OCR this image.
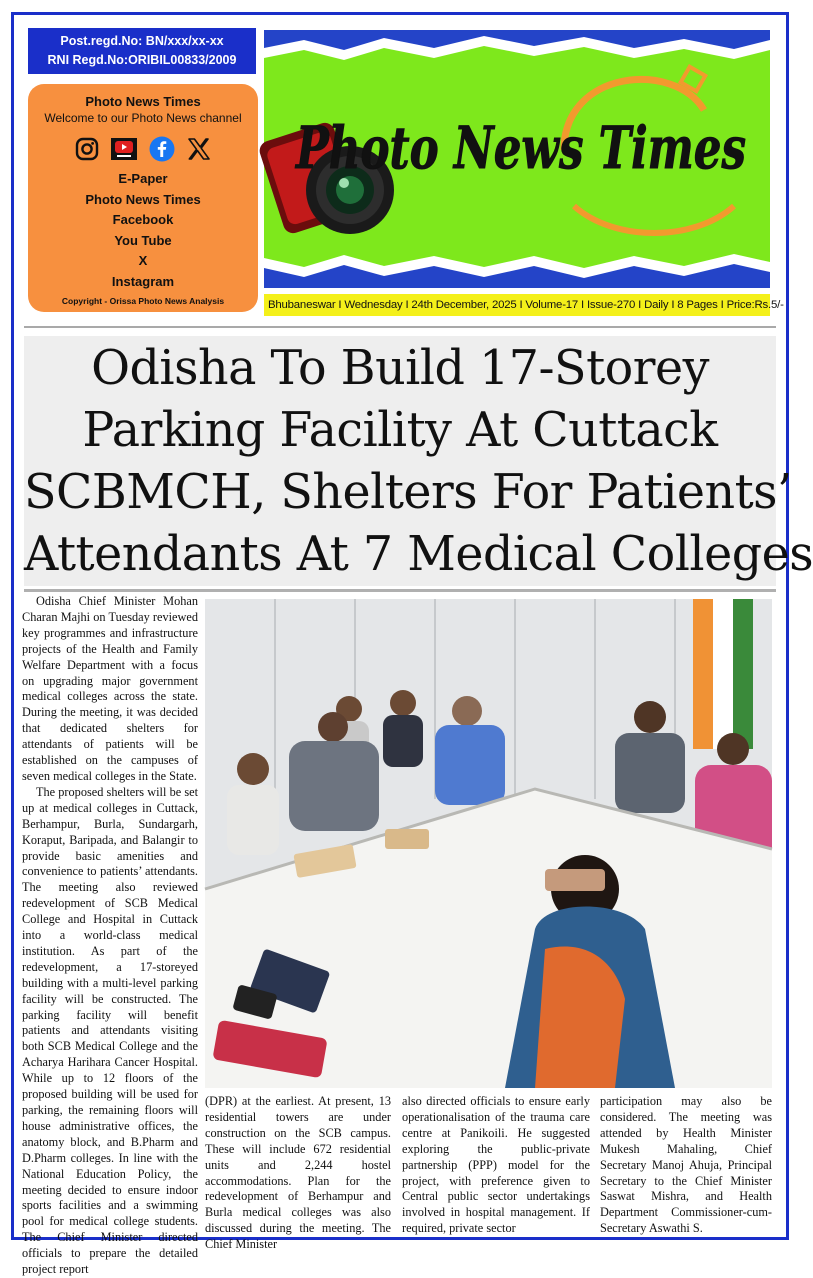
Post.regd.No: BN/xxx/xx-xx
RNI Regd.No:ORIBIL00833/2009
Photo News Times
Welcome to our Photo News channel
E-Paper
Photo News Times
Facebook
You Tube
X
Instagram
Copyright - Orissa Photo News Analysis
Photo News Times
Bhubaneswar I Wednesday I 24th December, 2025 I Volume-17 I Issue-270 I Daily I 8 Pages I Price:Rs.5/-
Odisha To Build 17-Storey
Parking Facility At Cuttack
SCBMCH, Shelters For Patients’
Attendants At 7 Medical Colleges

Odisha Chief Minister Mohan Charan Majhi on Tuesday reviewed key programmes and infrastructure projects of the Health and Family Welfare Department with a focus on upgrading major government medical colleges across the state. During the meeting, it was decided that dedicated shelters for attendants of patients will be established on the campuses of seven medical colleges in the State.

The proposed shelters will be set up at medical colleges in Cuttack, Berhampur, Burla, Sundargarh, Koraput, Baripada, and Balangir to provide basic amenities and convenience to patients’ attendants. The meeting also reviewed redevelopment of SCB Medical College and Hospital in Cuttack into a world-class medical institution. As part of the redevelopment, a 17-storeyed building with a multi-level parking facility will be constructed. The parking facility will benefit patients and attendants visiting both SCB Medical College and the Acharya Harihara Cancer Hospital. While up to 12 floors of the proposed building will be used for parking, the remaining floors will house administrative offices, the anatomy block, and B.Pharm and D.Pharm colleges. In line with the National Education Policy, the meeting decided to ensure indoor sports facilities and a swimming pool for medical college students. The Chief Minister directed officials to prepare the detailed project report

(DPR) at the earliest. At present, 13 residential towers are under construction on the SCB campus. These will include 672 residential units and 2,244 hostel accommodations. Plan for the redevelopment of Berhampur and Burla medical colleges was also discussed during the meeting. The Chief Minister

also directed officials to ensure early operationalisation of the trauma care centre at Panikoili. He suggested exploring the public-private partnership (PPP) model for the project, with preference given to Central public sector undertakings involved in hospital management. If required, private sector

participation may also be considered. The meeting was attended by Health Minister Mukesh Mahaling, Chief Secretary Manoj Ahuja, Principal Secretary to the Chief Minister Saswat Mishra, and Health Department Commissioner-cum-Secretary Aswathi S.
